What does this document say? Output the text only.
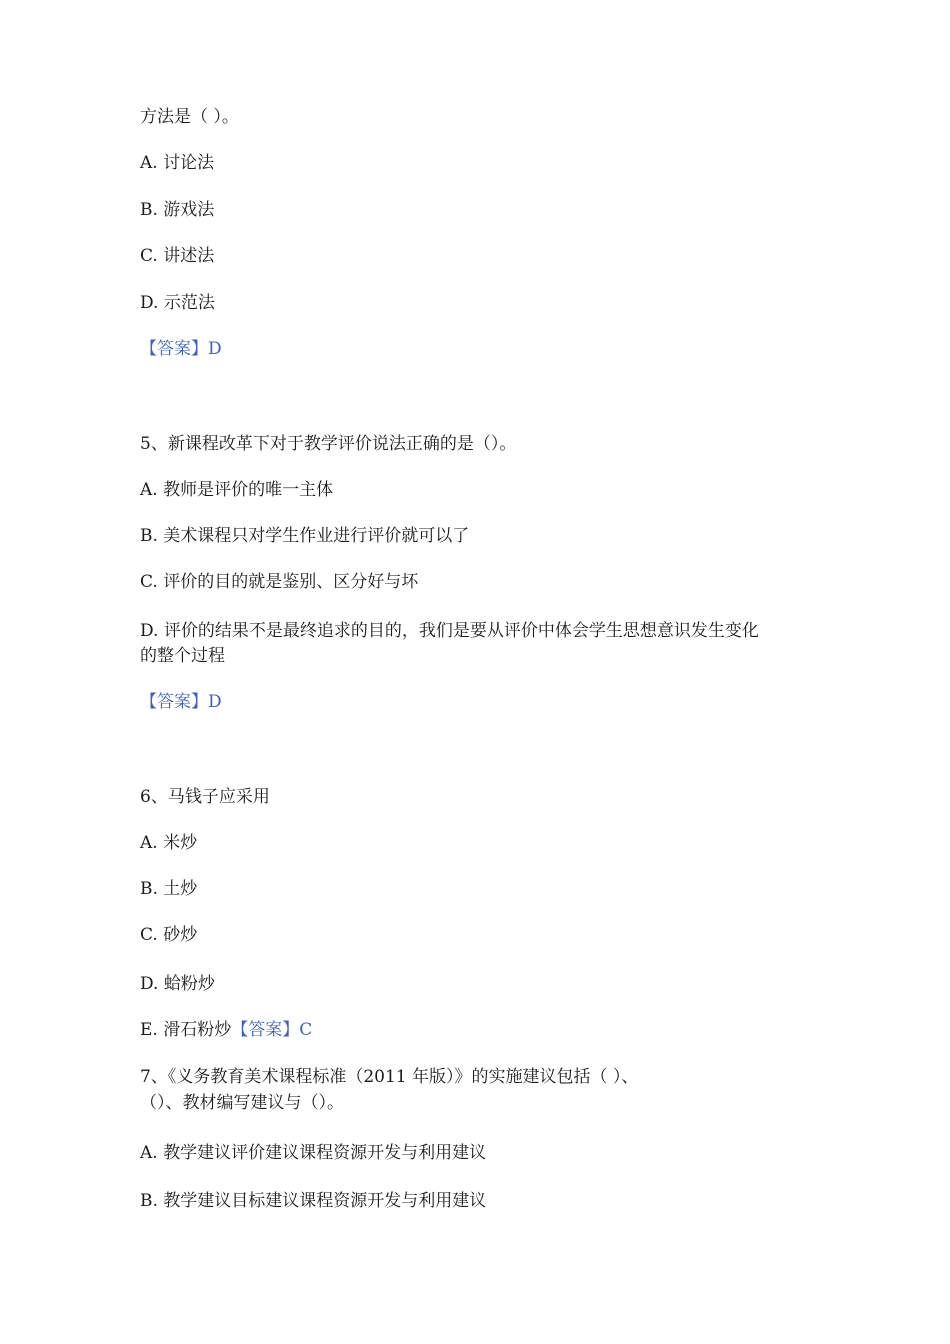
方法是（ ）。
A. 讨论法
B. 游戏法
C. 讲述法
D. 示范法
【答案】D
5、新课程改革下对于教学评价说法正确的是（）。
A. 教师是评价的唯一主体
B. 美术课程只对学生作业进行评价就可以了
C. 评价的目的就是鉴别、区分好与坏
D. 评价的结果不是最终追求的目的，我们是要从评价中体会学生思想意识发生变化
的整个过程
【答案】D
6、马钱子应采用
A. 米炒
B. 土炒
C. 砂炒
D. 蛤粉炒
E. 滑石粉炒【答案】C
7、《义务教育美术课程标准（2011 年版）》的实施建议包括（ ）、
（）、教材编写建议与（）。
A. 教学建议评价建议课程资源开发与利用建议
B. 教学建议目标建议课程资源开发与利用建议
